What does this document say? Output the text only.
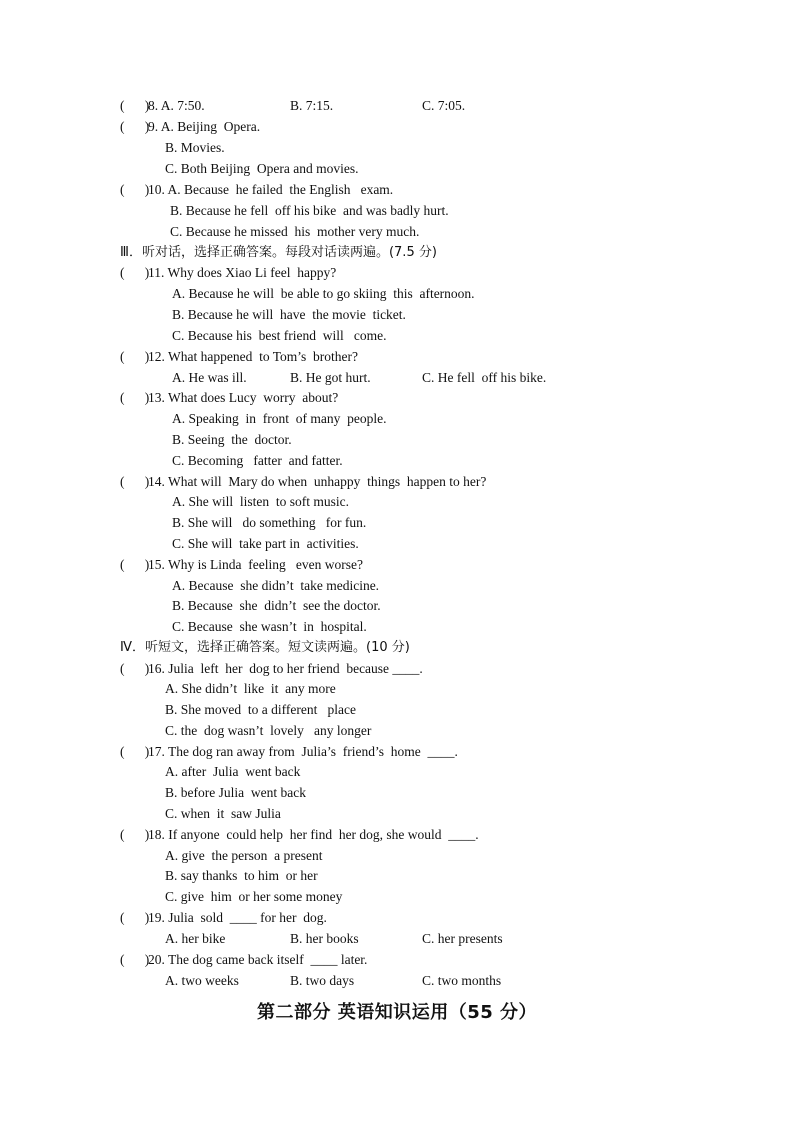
(      )

8. A. 7:50.

	B. 7:15.

	C. 7:05.

(      )

9. A. Beijing  Opera.

B. Movies.
C. Both Beijing  Opera and movies.

(      )

10. A. Because  he failed  the English   exam.

B. Because he fell  off his bike  and was badly hurt.
C. Because he missed  his  mother very much.
Ⅲ．听对话，选择正确答案。每段对话读两遍。(7.5 分)

(      )

11. Why does Xiao Li feel  happy?

A. Because he will  be able to go skiing  this  afternoon.
B. Because he will  have  the movie  ticket.
C. Because his  best friend  will   come.

(      )

12. What happened  to Tom’s  brother?

A. He was ill.

	B. He got hurt.

	C. He fell  off his bike.

(      )

13. What does Lucy  worry  about?

A. Speaking  in  front  of many  people.
B. Seeing  the  doctor.
C. Becoming   fatter  and fatter.

(      )

14. What will  Mary do when  unhappy  things  happen to her?

A. She will  listen  to soft music.
B. She will   do something   for fun.
C. She will  take part in  activities.

(      )

15. Why is Linda  feeling   even worse?

A. Because  she didn’t  take medicine.
B. Because  she  didn’t  see the doctor.
C. Because  she wasn’t  in  hospital.
Ⅳ．听短文，选择正确答案。短文读两遍。(10 分)

(      )

16. Julia  left  her  dog to her friend  because ____.

A. She didn’t  like  it  any more
B. She moved  to a different   place
C. the  dog wasn’t  lovely   any longer

(      )

17. The dog ran away from  Julia’s  friend’s  home  ____.

A. after  Julia  went back
B. before Julia  went back
C. when  it  saw Julia

(      )

18. If anyone  could help  her find  her dog, she would  ____.

A. give  the person  a present
B. say thanks  to him  or her
C. give  him  or her some money

(      )

19. Julia  sold  ____ for her  dog.

A. her bike

	B. her books

	C. her presents

(      )

20. The dog came back itself  ____ later.

A. two weeks

	B. two days

	C. two months

第二部分 英语知识运用（55 分）
